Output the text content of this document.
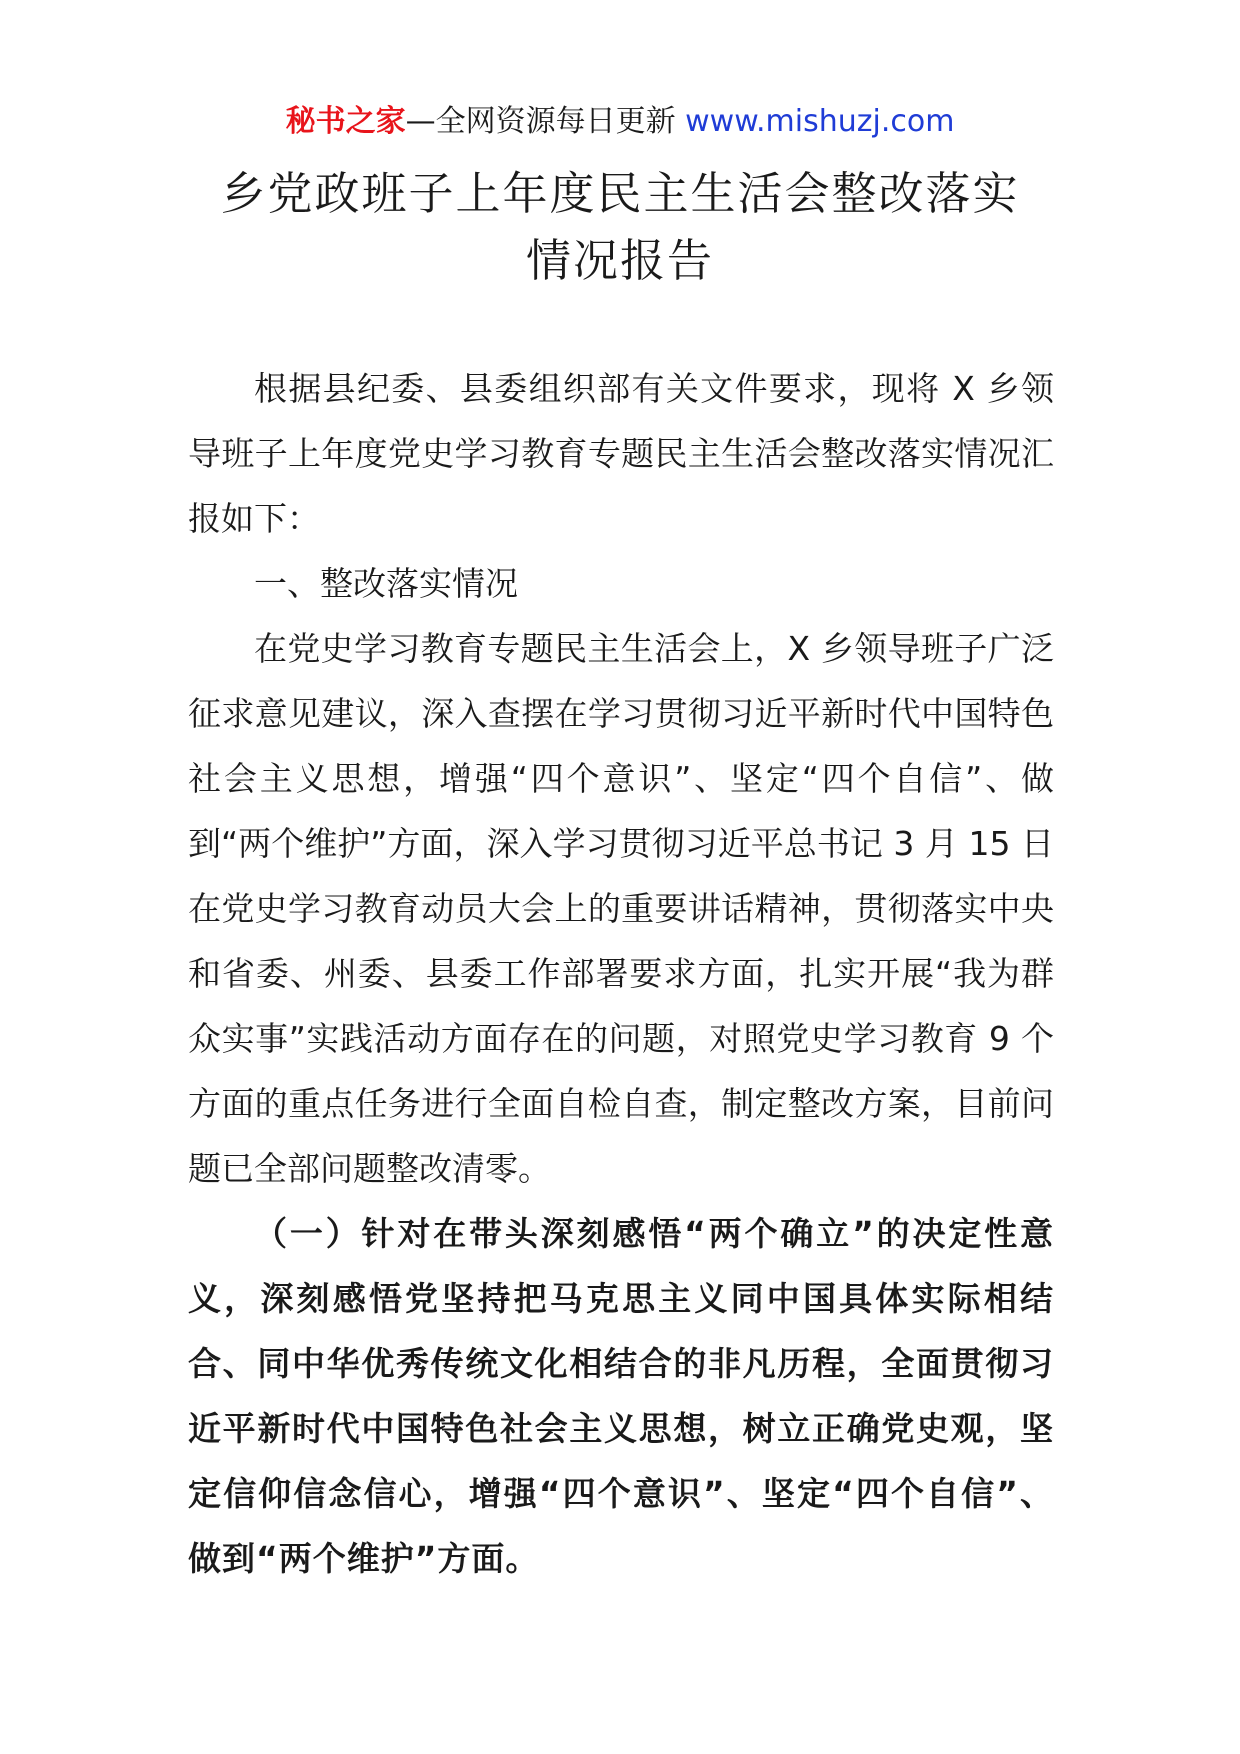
秘书之家—全网资源每日更新 www.mishuzj.com
乡党政班子上年度民主生活会整改落实
情况报告

根据县纪委、县委组织部有关文件要求，现将 X 乡领导班子上年度党史学习教育专题民主生活会整改落实情况汇报如下：

一、整改落实情况

在党史学习教育专题民主生活会上，X 乡领导班子广泛征求意见建议，深入查摆在学习贯彻习近平新时代中国特色社会主义思想，增强“四个意识”、坚定“四个自信”、做到“两个维护”方面，深入学习贯彻习近平总书记 3 月 15 日在党史学习教育动员大会上的重要讲话精神，贯彻落实中央和省委、州委、县委工作部署要求方面，扎实开展“我为群众实事”实践活动方面存在的问题，对照党史学习教育 9 个方面的重点任务进行全面自检自查，制定整改方案，目前问题已全部问题整改清零。

（一）针对在带头深刻感悟“两个确立”的决定性意义，深刻感悟党坚持把马克思主义同中国具体实际相结合、同中华优秀传统文化相结合的非凡历程，全面贯彻习近平新时代中国特色社会主义思想，树立正确党史观，坚定信仰信念信心，增强“四个意识”、坚定“四个自信”、做到“两个维护”方面。
